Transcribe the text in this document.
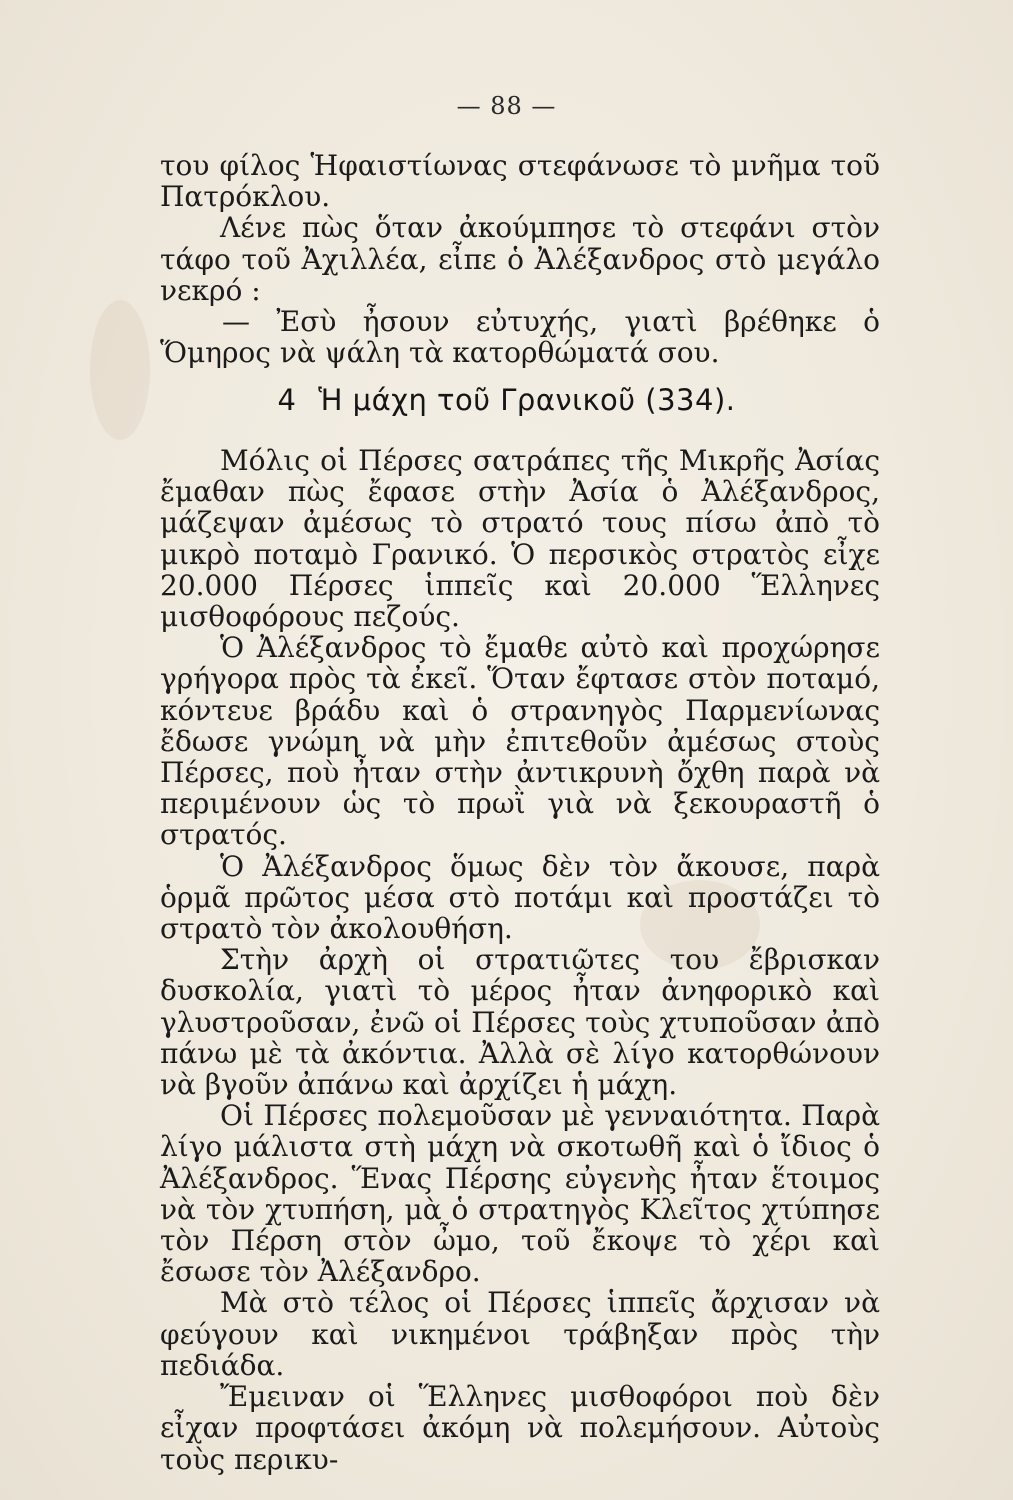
— 88 —

του φίλος Ἡφαιστίωνας στεφάνωσε τὸ μνῆμα τοῦ Πατρόκλου.

Λένε πὼς ὅταν ἀκούμπησε τὸ στεφάνι στὸν τάφο τοῦ Ἀχιλλέα, εἶπε ὁ Ἀλέξανδρος στὸ μεγάλο νεκρό :

— Ἐσὺ ἦσουν εὐτυχής, γιατὶ βρέθηκε ὁ Ὅμηρος νὰ ψάλη τὰ κατορθώματά σου.

4 Ἡ μάχη τοῦ Γρανικοῦ (334).

Μόλις οἱ Πέρσες σατράπες τῆς Μικρῆς Ἀσίας ἔμαθαν πὼς ἔφασε στὴν Ἀσία ὁ Ἀλέξανδρος, μάζεψαν ἀμέσως τὸ στρατό τους πίσω ἀπὸ τὸ μικρὸ ποταμὸ Γρανικό. Ὁ περσικὸς στρατὸς εἶχε 20.000 Πέρσες ἱππεῖς καὶ 20.000 Ἕλληνες μισθοφόρους πεζούς.

Ὁ Ἀλέξανδρος τὸ ἔμαθε αὐτὸ καὶ προχώρησε γρήγορα πρὸς τὰ ἐκεῖ. Ὅταν ἔφτασε στὸν ποταμό, κόντευε βράδυ καὶ ὁ στρανηγὸς Παρμενίωνας ἔδωσε γνώμη νὰ μὴν ἐπιτεθοῦν ἀμέσως στοὺς Πέρσες, ποὺ ἦταν στὴν ἀντικρυνὴ ὄχθη παρὰ νὰ περιμένουν ὡς τὸ πρωῒ γιὰ νὰ ξεκουραστῆ ὁ στρατός.

Ὁ Ἀλέξανδρος ὅμως δὲν τὸν ἄκουσε, παρὰ ὁρμᾶ πρῶτος μέσα στὸ ποτάμι καὶ προστάζει τὸ στρατὸ τὸν ἀκολουθήση.

Στὴν ἀρχὴ οἱ στρατιῶτες του ἔβρισκαν δυσκολία, γιατὶ τὸ μέρος ἦταν ἀνηφορικὸ καὶ γλυστροῦσαν, ἐνῶ οἱ Πέρσες τοὺς χτυποῦσαν ἀπὸ πάνω μὲ τὰ ἀκόντια. Ἀλλὰ σὲ λίγο κατορθώνουν νὰ βγοῦν ἀπάνω καὶ ἀρχίζει ἡ μάχη.

Οἱ Πέρσες πολεμοῦσαν μὲ γενναιότητα. Παρὰ λίγο μάλιστα στὴ μάχη νὰ σκοτωθῆ καὶ ὁ ἴδιος ὁ Ἀλέξανδρος. Ἕνας Πέρσης εὐγενὴς ἦταν ἕτοιμος νὰ τὸν χτυπήση, μὰ ὁ στρατηγὸς Κλεῖτος χτύπησε τὸν Πέρση στὸν ὦμο, τοῦ ἔκοψε τὸ χέρι καὶ ἔσωσε τὸν Ἀλέξανδρο.

Μὰ στὸ τέλος οἱ Πέρσες ἱππεῖς ἄρχισαν νὰ φεύγουν καὶ νικημένοι τράβηξαν πρὸς τὴν πεδιάδα.

Ἔμειναν οἱ Ἕλληνες μισθοφόροι ποὺ δὲν εἶχαν προφτάσει ἀκόμη νὰ πολεμήσουν. Αὐτοὺς τοὺς περικυ-
